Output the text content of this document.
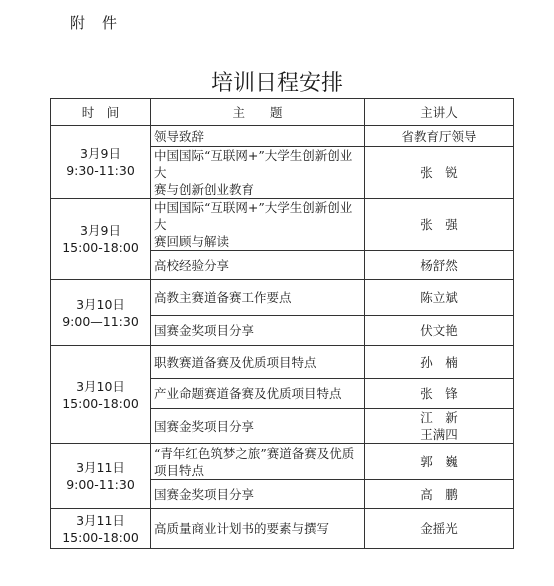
附　件
培训日程安排
时　间	主　　题	主讲人

3月9日
9:30-11:30	领导致辞	省教育厅领导

	中国国际“互联网+”大学生创新创业大
赛与创新创业教育	张　锐

3月9日
15:00-18:00	中国国际“互联网+”大学生创新创业大
赛回顾与解读	张　强

	高校经验分享	杨舒然

3月10日
9:00—11:30	高教主赛道备赛工作要点	陈立斌

	国赛金奖项目分享	伏文艳

3月10日
15:00-18:00	职教赛道备赛及优质项目特点	孙　楠

	产业命题赛道备赛及优质项目特点	张　锋

	国赛金奖项目分享	江　新
王满四

3月11日
9:00-11:30	“青年红色筑梦之旅”赛道备赛及优质
项目特点	郭　巍

	国赛金奖项目分享	高　鹏

3月11日
15:00-18:00	高质量商业计划书的要素与撰写	金摇光
